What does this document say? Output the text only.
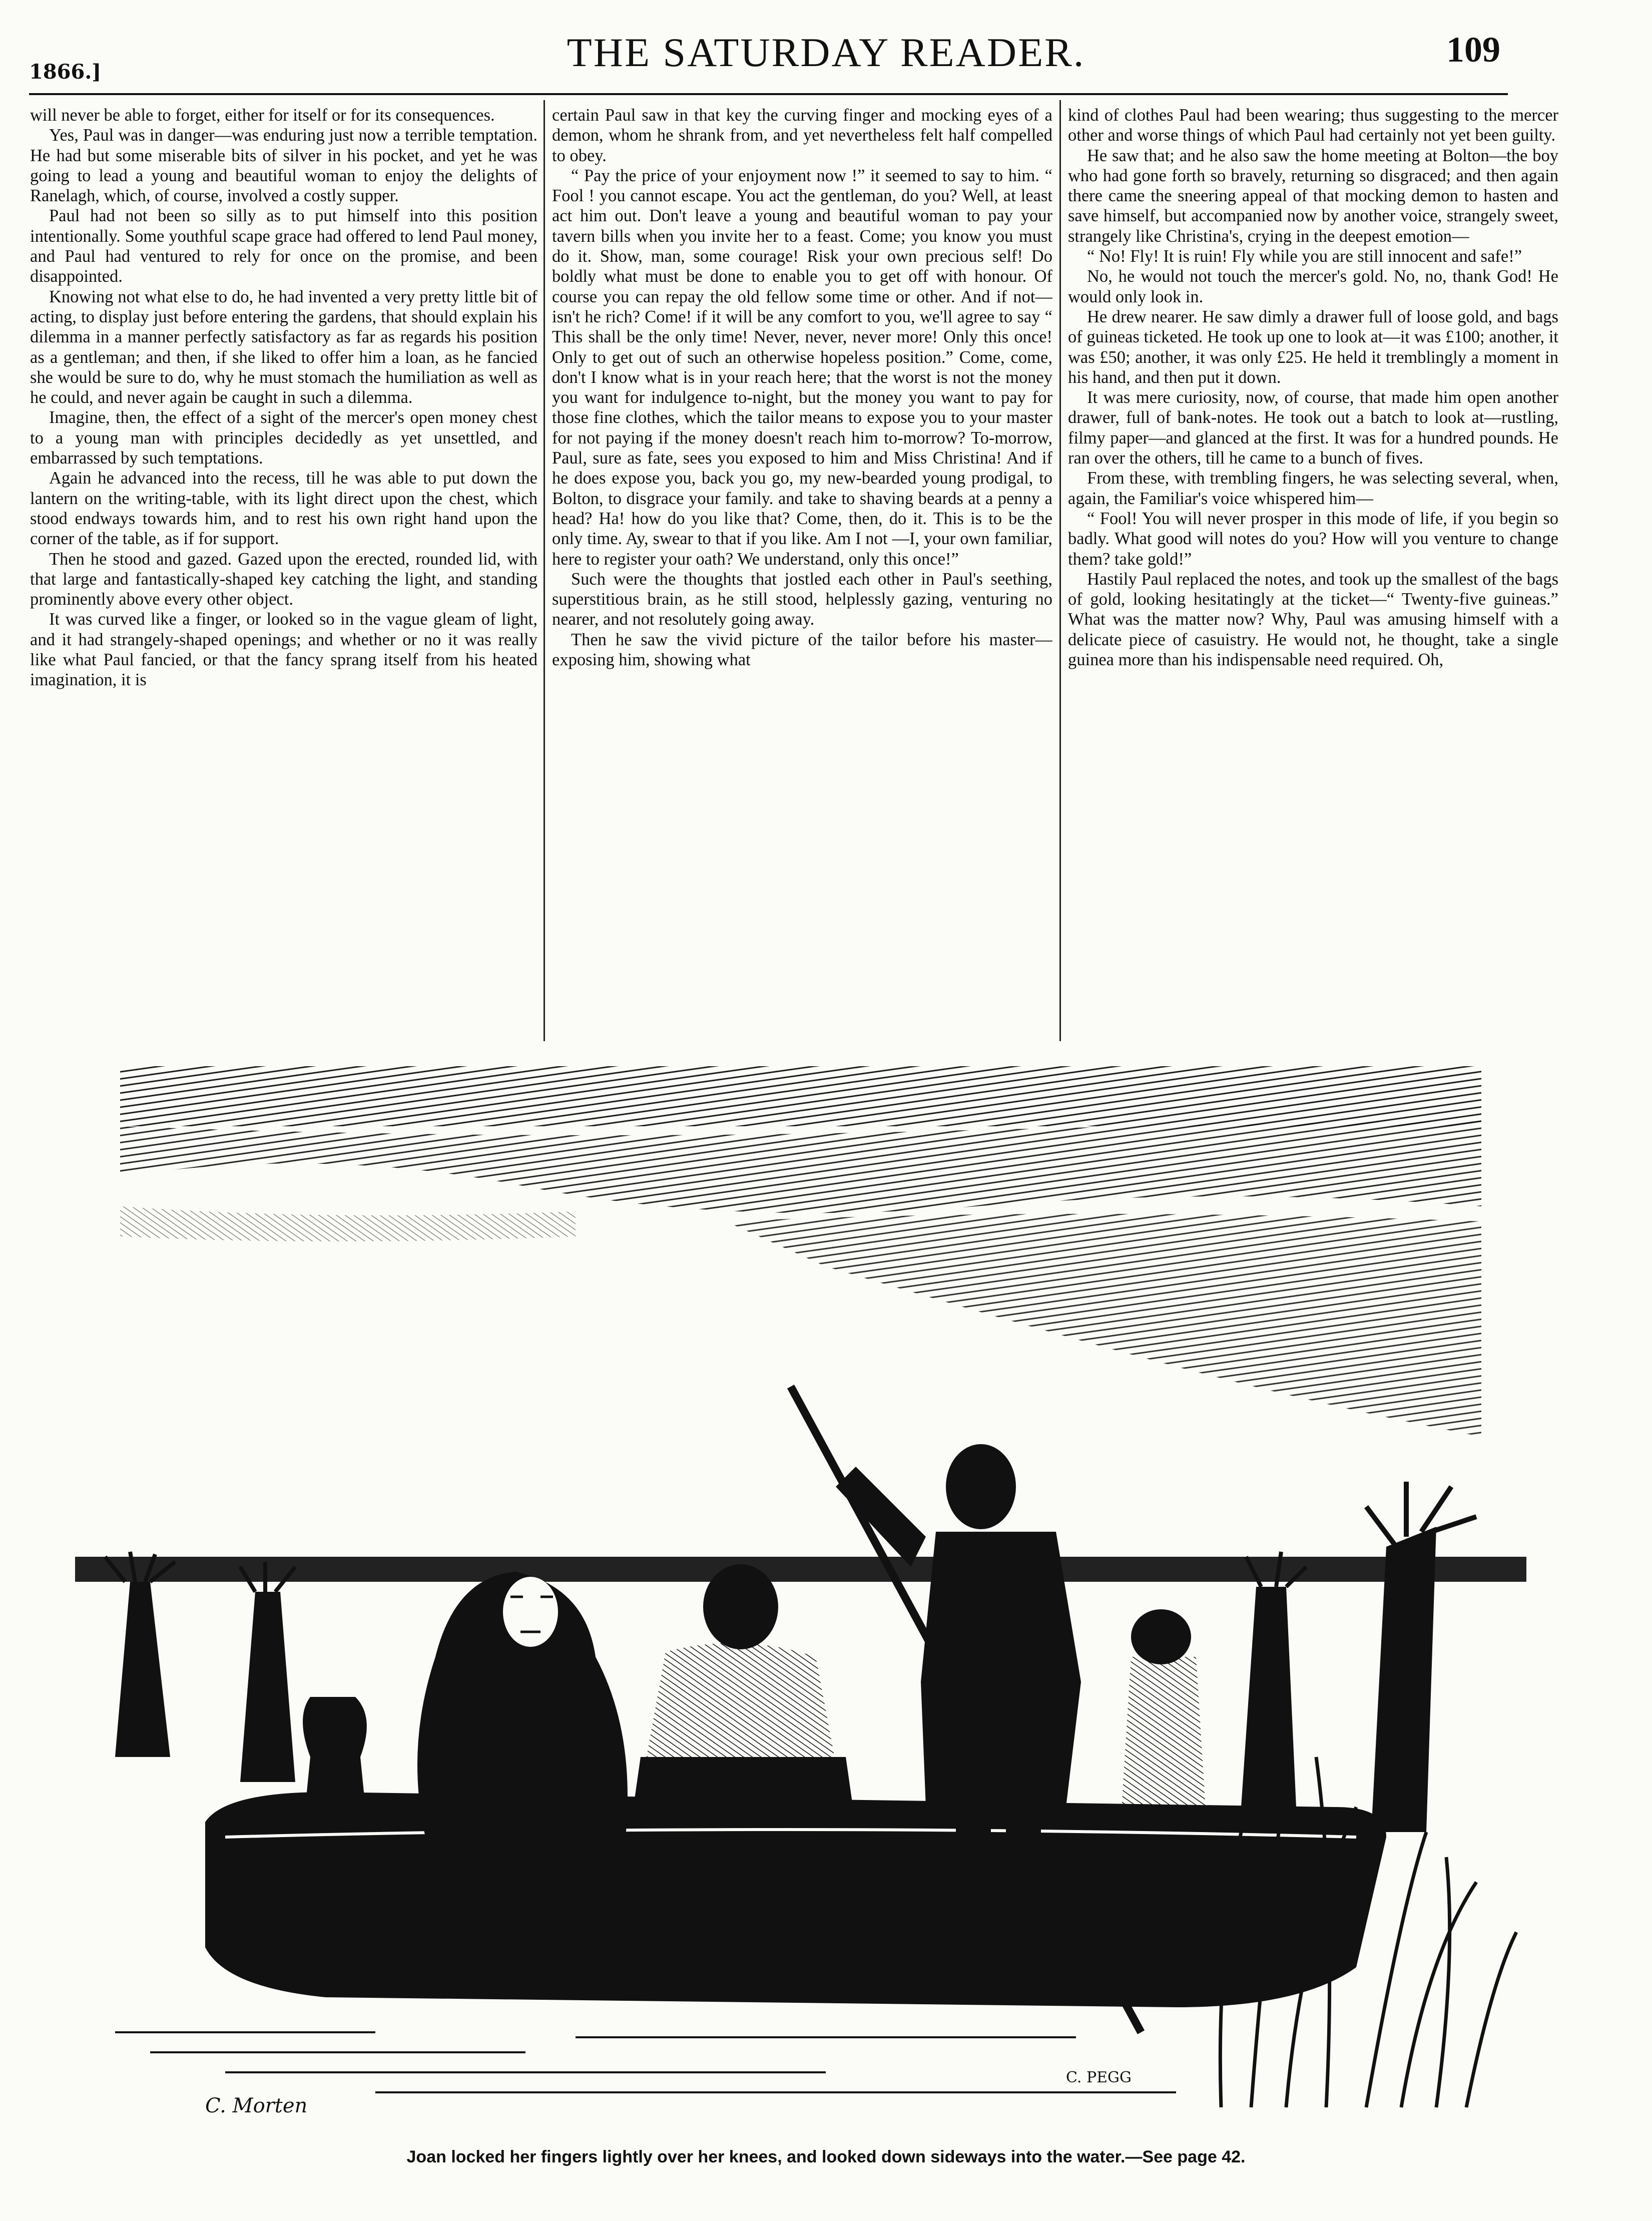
1866.]	THE SATURDAY READER.	109

will never be able to forget, either for itself or for its consequences.

Yes, Paul was in danger—was enduring just now a terrible temptation. He had but some miserable bits of silver in his pocket, and yet he was going to lead a young and beautiful woman to enjoy the delights of Ranelagh, which, of course, involved a costly supper.

Paul had not been so silly as to put himself into this position intentionally. Some youthful scape grace had offered to lend Paul money, and Paul had ventured to rely for once on the promise, and been disappointed.

Knowing not what else to do, he had invented a very pretty little bit of acting, to display just before entering the gardens, that should explain his dilemma in a manner perfectly satisfactory as far as regards his position as a gentleman; and then, if she liked to offer him a loan, as he fancied she would be sure to do, why he must stomach the humiliation as well as he could, and never again be caught in such a dilemma.

Imagine, then, the effect of a sight of the mercer's open money chest to a young man with principles decidedly as yet unsettled, and embarrassed by such temptations.

Again he advanced into the recess, till he was able to put down the lantern on the writing-table, with its light direct upon the chest, which stood endways towards him, and to rest his own right hand upon the corner of the table, as if for support.

Then he stood and gazed. Gazed upon the erected, rounded lid, with that large and fantastically-shaped key catching the light, and standing prominently above every other object.

It was curved like a finger, or looked so in the vague gleam of light, and it had strangely-shaped openings; and whether or no it was really like what Paul fancied, or that the fancy sprang itself from his heated imagination, it is

certain Paul saw in that key the curving finger and mocking eyes of a demon, whom he shrank from, and yet nevertheless felt half compelled to obey.

“ Pay the price of your enjoyment now !” it seemed to say to him. “ Fool ! you cannot escape. You act the gentleman, do you? Well, at least act him out. Don't leave a young and beautiful woman to pay your tavern bills when you invite her to a feast. Come; you know you must do it. Show, man, some courage! Risk your own precious self! Do boldly what must be done to enable you to get off with honour. Of course you can repay the old fellow some time or other. And if not—isn't he rich? Come! if it will be any comfort to you, we'll agree to say “ This shall be the only time! Never, never, never more! Only this once! Only to get out of such an otherwise hopeless position.” Come, come, don't I know what is in your reach here; that the worst is not the money you want for indulgence to-night, but the money you want to pay for those fine clothes, which the tailor means to expose you to your master for not paying if the money doesn't reach him to-morrow? To-morrow, Paul, sure as fate, sees you exposed to him and Miss Christina! And if he does expose you, back you go, my new-bearded young prodigal, to Bolton, to disgrace your family. and take to shaving beards at a penny a head? Ha! how do you like that? Come, then, do it. This is to be the only time. Ay, swear to that if you like. Am I not —I, your own familiar, here to register your oath? We understand, only this once!”

Such were the thoughts that jostled each other in Paul's seething, superstitious brain, as he still stood, helplessly gazing, venturing no nearer, and not resolutely going away.

Then he saw the vivid picture of the tailor before his master—exposing him, showing what

kind of clothes Paul had been wearing; thus suggesting to the mercer other and worse things of which Paul had certainly not yet been guilty.

He saw that; and he also saw the home meeting at Bolton—the boy who had gone forth so bravely, returning so disgraced; and then again there came the sneering appeal of that mocking demon to hasten and save himself, but accompanied now by another voice, strangely sweet, strangely like Christina's, crying in the deepest emotion—

“ No! Fly! It is ruin! Fly while you are still innocent and safe!”

No, he would not touch the mercer's gold. No, no, thank God! He would only look in.

He drew nearer. He saw dimly a drawer full of loose gold, and bags of guineas ticketed. He took up one to look at—it was £100; another, it was £50; another, it was only £25. He held it tremblingly a moment in his hand, and then put it down.

It was mere curiosity, now, of course, that made him open another drawer, full of bank-notes. He took out a batch to look at—rustling, filmy paper—and glanced at the first. It was for a hundred pounds. He ran over the others, till he came to a bunch of fives.

From these, with trembling fingers, he was selecting several, when, again, the Familiar's voice whispered him—

“ Fool! You will never prosper in this mode of life, if you begin so badly. What good will notes do you? How will you venture to change them? take gold!”

Hastily Paul replaced the notes, and took up the smallest of the bags of gold, looking hesitatingly at the ticket—“ Twenty-five guineas.” What was the matter now? Why, Paul was amusing himself with a delicate piece of casuistry. He would not, he thought, take a single guinea more than his indispensable need required. Oh,

C. Morten
C. PEGG
Joan locked her fingers lightly over her knees, and looked down sideways into the water.—See page 42.
